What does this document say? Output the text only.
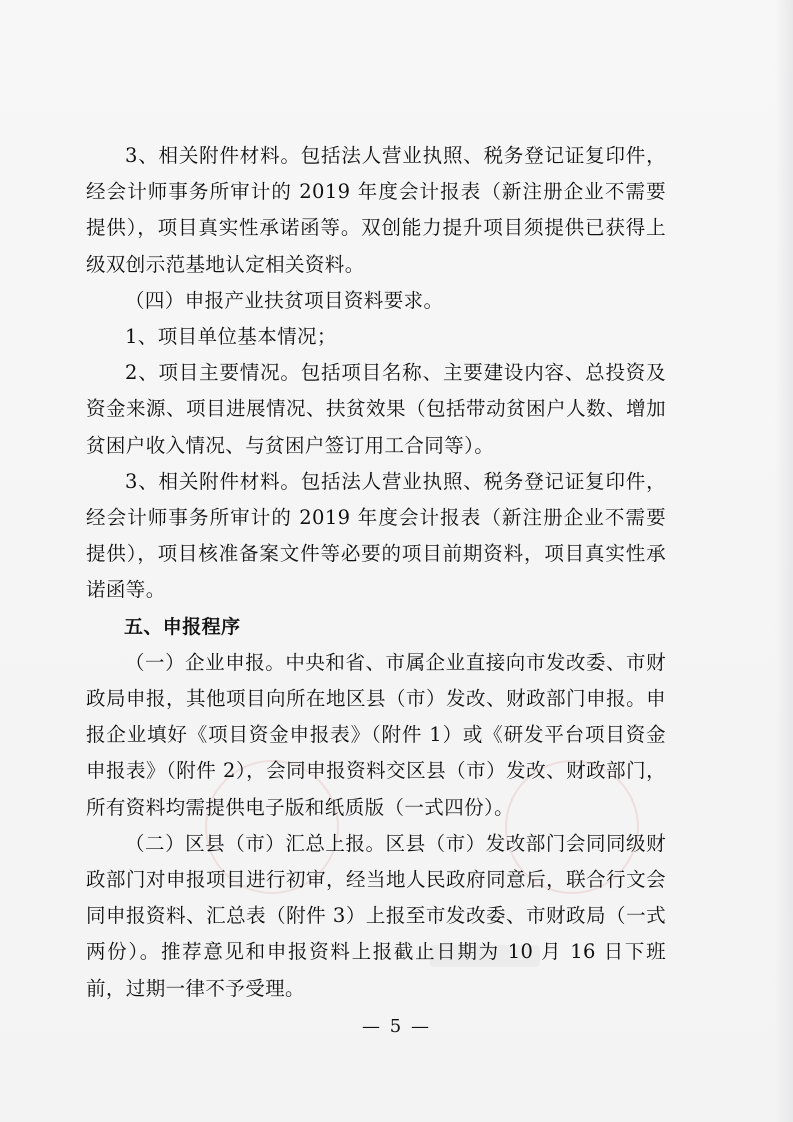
3、相关附件材料。包括法人营业执照、税务登记证复印件，经会计师事务所审计的 2019 年度会计报表（新注册企业不需要提供），项目真实性承诺函等。双创能力提升项目须提供已获得上级双创示范基地认定相关资料。

（四）申报产业扶贫项目资料要求。

1、项目单位基本情况；

2、项目主要情况。包括项目名称、主要建设内容、总投资及资金来源、项目进展情况、扶贫效果（包括带动贫困户人数、增加贫困户收入情况、与贫困户签订用工合同等）。

3、相关附件材料。包括法人营业执照、税务登记证复印件，经会计师事务所审计的 2019 年度会计报表（新注册企业不需要提供），项目核准备案文件等必要的项目前期资料，项目真实性承诺函等。

五、申报程序

（一）企业申报。中央和省、市属企业直接向市发改委、市财政局申报，其他项目向所在地区县（市）发改、财政部门申报。申报企业填好《项目资金申报表》（附件 1）或《研发平台项目资金申报表》（附件 2），会同申报资料交区县（市）发改、财政部门，所有资料均需提供电子版和纸质版（一式四份）。

（二）区县（市）汇总上报。区县（市）发改部门会同同级财政部门对申报项目进行初审，经当地人民政府同意后，联合行文会同申报资料、汇总表（附件 3）上报至市发改委、市财政局（一式两份）。推荐意见和申报资料上报截止日期为 10 月 16 日下班前，过期一律不予受理。

— 5 —
